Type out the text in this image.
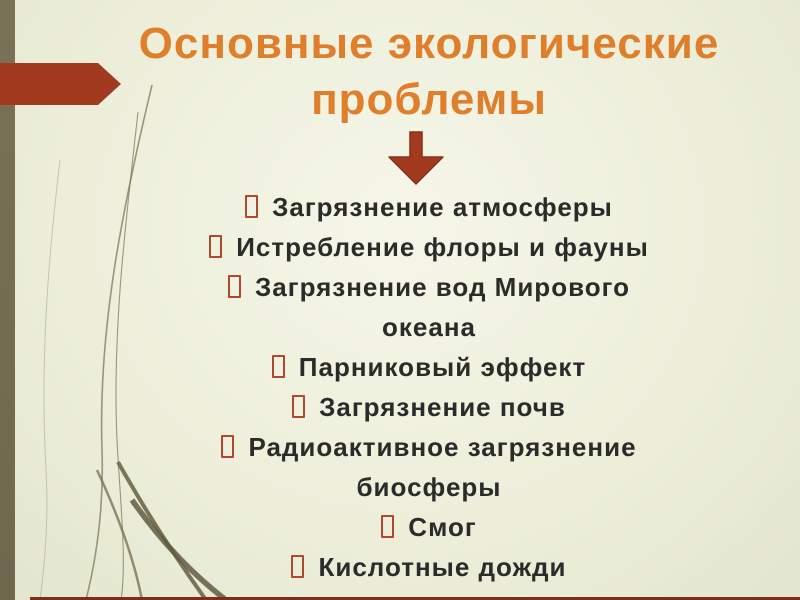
Основные экологические
проблемы
Загрязнение атмосферы
Истребление флоры и фауны
Загрязнение вод Мирового
океана
Парниковый эффект
Загрязнение почв
Радиоактивное загрязнение
биосферы
Смог
Кислотные дожди
